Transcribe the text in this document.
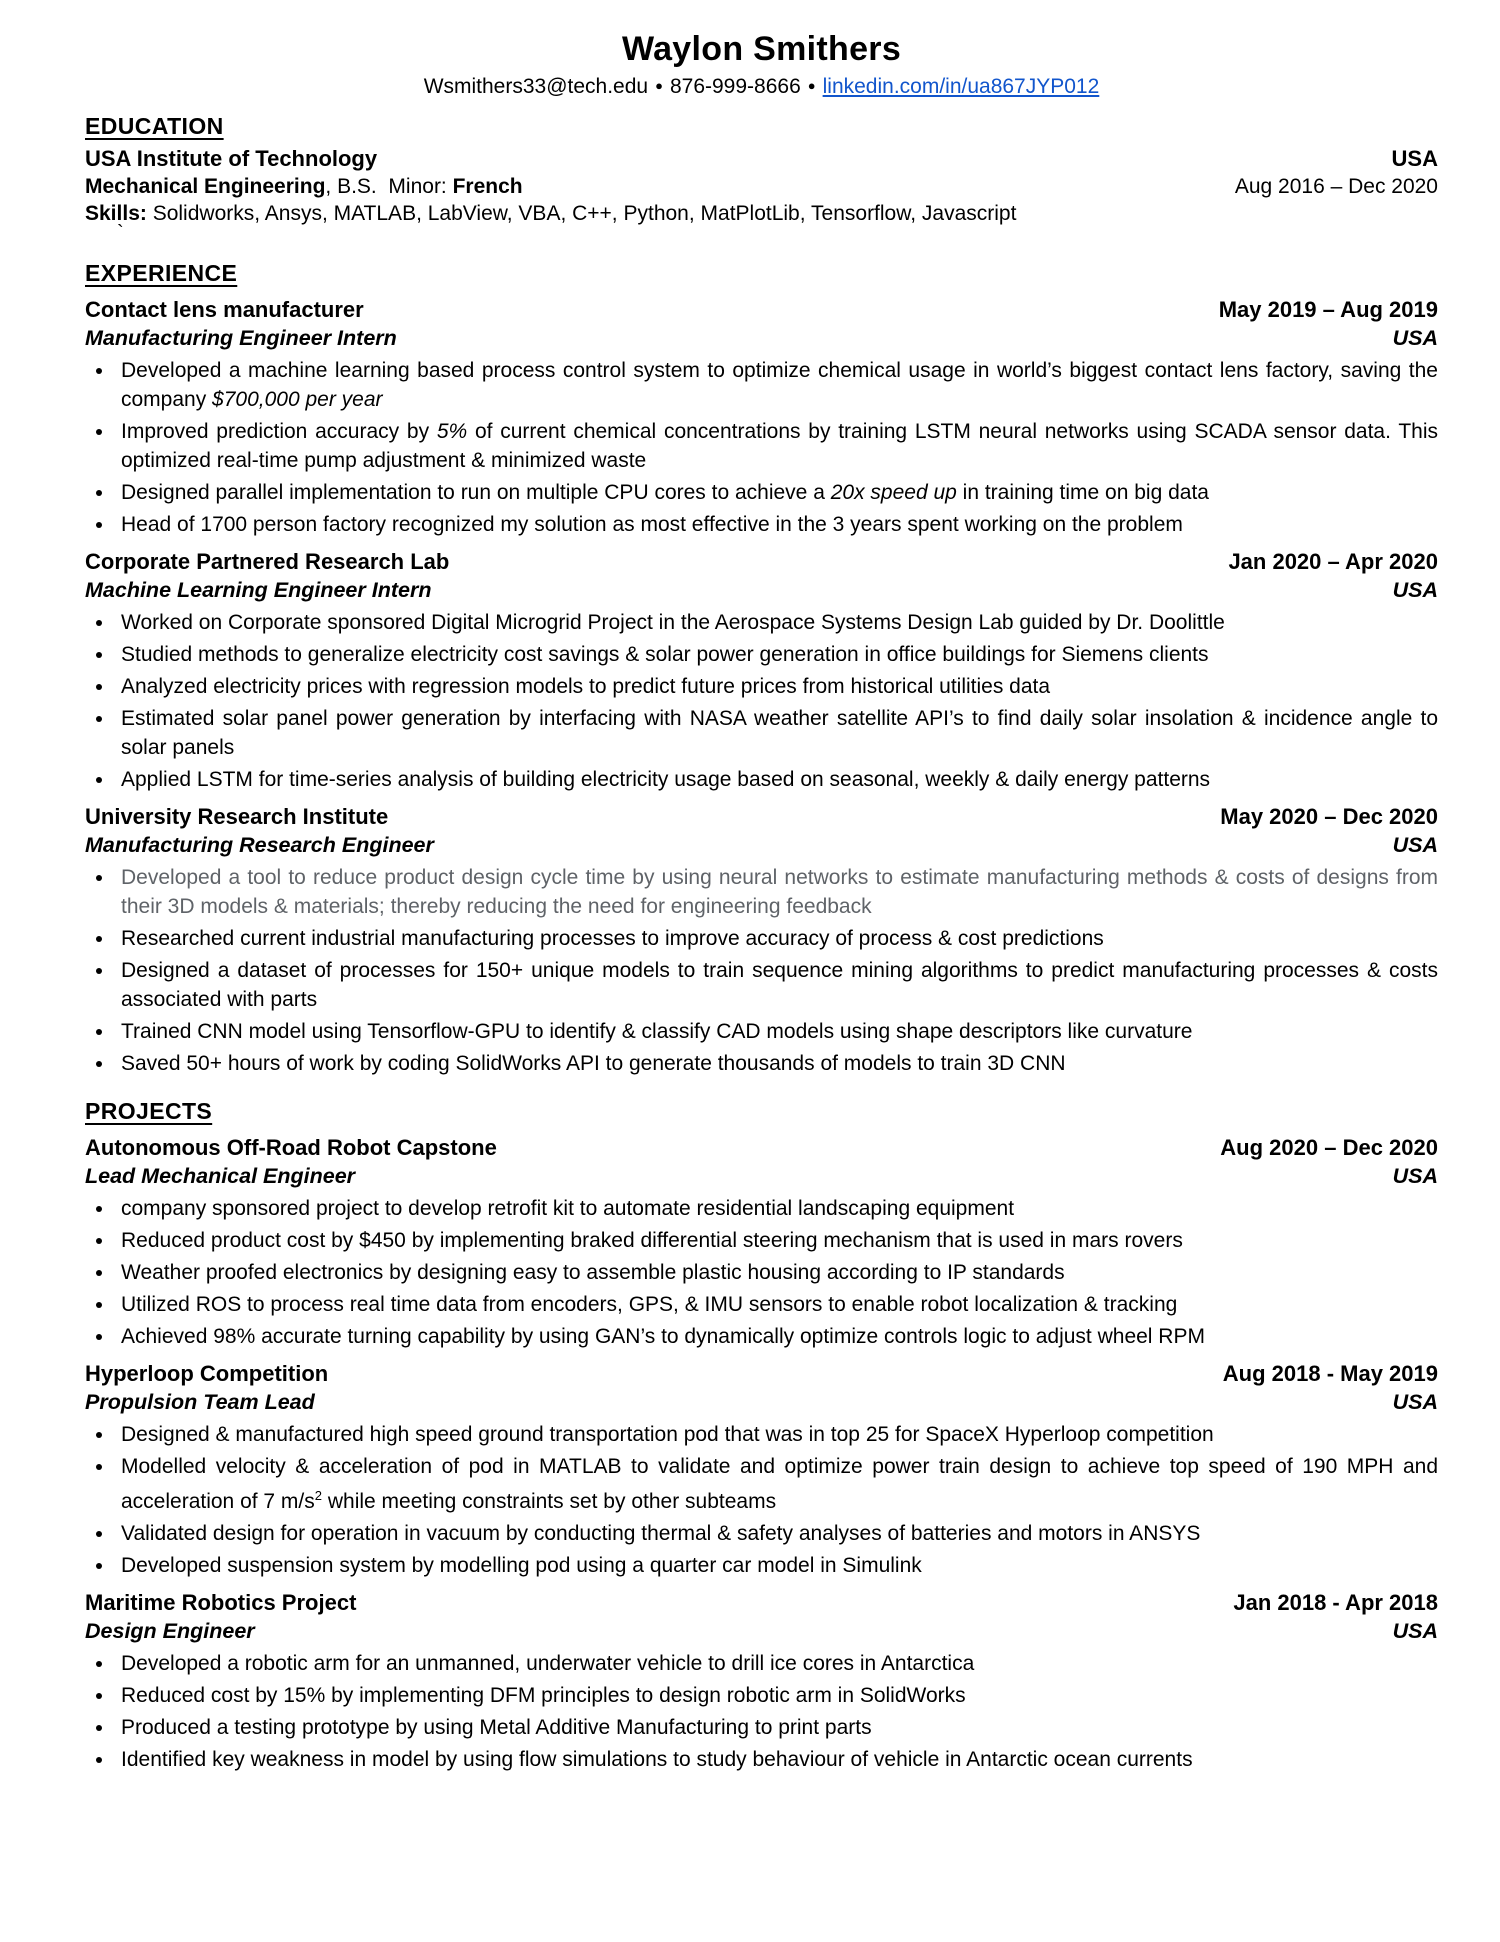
Waylon Smithers
Wsmithers33@tech.edu ● 876-999-8666 ● linkedin.com/in/ua867JYP012
EDUCATION
USA Institute of Technology	USA
Mechanical Engineering, B.S.  Minor: French	Aug 2016 – Dec 2020
Skills: Solidworks, Ansys, MATLAB, LabView, VBA, C++, Python, MatPlotLib, Tensorflow, Javascript
`
EXPERIENCE
Contact lens manufacturer	May 2019 – Aug 2019
Manufacturing Engineer Intern	USA
• Developed a machine learning based process control system to optimize chemical usage in world’s biggest contact lens factory, saving the company $700,000 per year
• Improved prediction accuracy by 5% of current chemical concentrations by training LSTM neural networks using SCADA sensor data. This optimized real-time pump adjustment & minimized waste
• Designed parallel implementation to run on multiple CPU cores to achieve a 20x speed up in training time on big data
• Head of 1700 person factory recognized my solution as most effective in the 3 years spent working on the problem
Corporate Partnered Research Lab	Jan 2020 – Apr 2020
Machine Learning Engineer Intern	USA
• Worked on Corporate sponsored Digital Microgrid Project in the Aerospace Systems Design Lab guided by Dr. Doolittle
• Studied methods to generalize electricity cost savings & solar power generation in office buildings for Siemens clients
• Analyzed electricity prices with regression models to predict future prices from historical utilities data
• Estimated solar panel power generation by interfacing with NASA weather satellite API’s to find daily solar insolation & incidence angle to solar panels
• Applied LSTM for time-series analysis of building electricity usage based on seasonal, weekly & daily energy patterns
University Research Institute	May 2020 – Dec 2020
Manufacturing Research Engineer	USA
• Developed a tool to reduce product design cycle time by using neural networks to estimate manufacturing methods & costs of designs from their 3D models & materials; thereby reducing the need for engineering feedback
• Researched current industrial manufacturing processes to improve accuracy of process & cost predictions
• Designed a dataset of processes for 150+ unique models to train sequence mining algorithms to predict manufacturing processes & costs associated with parts
• Trained CNN model using Tensorflow-GPU to identify & classify CAD models using shape descriptors like curvature
• Saved 50+ hours of work by coding SolidWorks API to generate thousands of models to train 3D CNN
PROJECTS
Autonomous Off-Road Robot Capstone	Aug 2020 – Dec 2020
Lead Mechanical Engineer	USA
• company sponsored project to develop retrofit kit to automate residential landscaping equipment
• Reduced product cost by $450 by implementing braked differential steering mechanism that is used in mars rovers
• Weather proofed electronics by designing easy to assemble plastic housing according to IP standards
• Utilized ROS to process real time data from encoders, GPS, & IMU sensors to enable robot localization & tracking
• Achieved 98% accurate turning capability by using GAN’s to dynamically optimize controls logic to adjust wheel RPM
Hyperloop Competition	Aug 2018 - May 2019
Propulsion Team Lead	USA
• Designed & manufactured high speed ground transportation pod that was in top 25 for SpaceX Hyperloop competition
• Modelled velocity & acceleration of pod in MATLAB to validate and optimize power train design to achieve top speed of 190 MPH and acceleration of 7 $m/s^2$ while meeting constraints set by other subteams
• Validated design for operation in vacuum by conducting thermal & safety analyses of batteries and motors in ANSYS
• Developed suspension system by modelling pod using a quarter car model in Simulink
Maritime Robotics Project	Jan 2018 - Apr 2018
Design Engineer	USA
• Developed a robotic arm for an unmanned, underwater vehicle to drill ice cores in Antarctica
• Reduced cost by 15% by implementing DFM principles to design robotic arm in SolidWorks
• Produced a testing prototype by using Metal Additive Manufacturing to print parts
• Identified key weakness in model by using flow simulations to study behaviour of vehicle in Antarctic ocean currents
